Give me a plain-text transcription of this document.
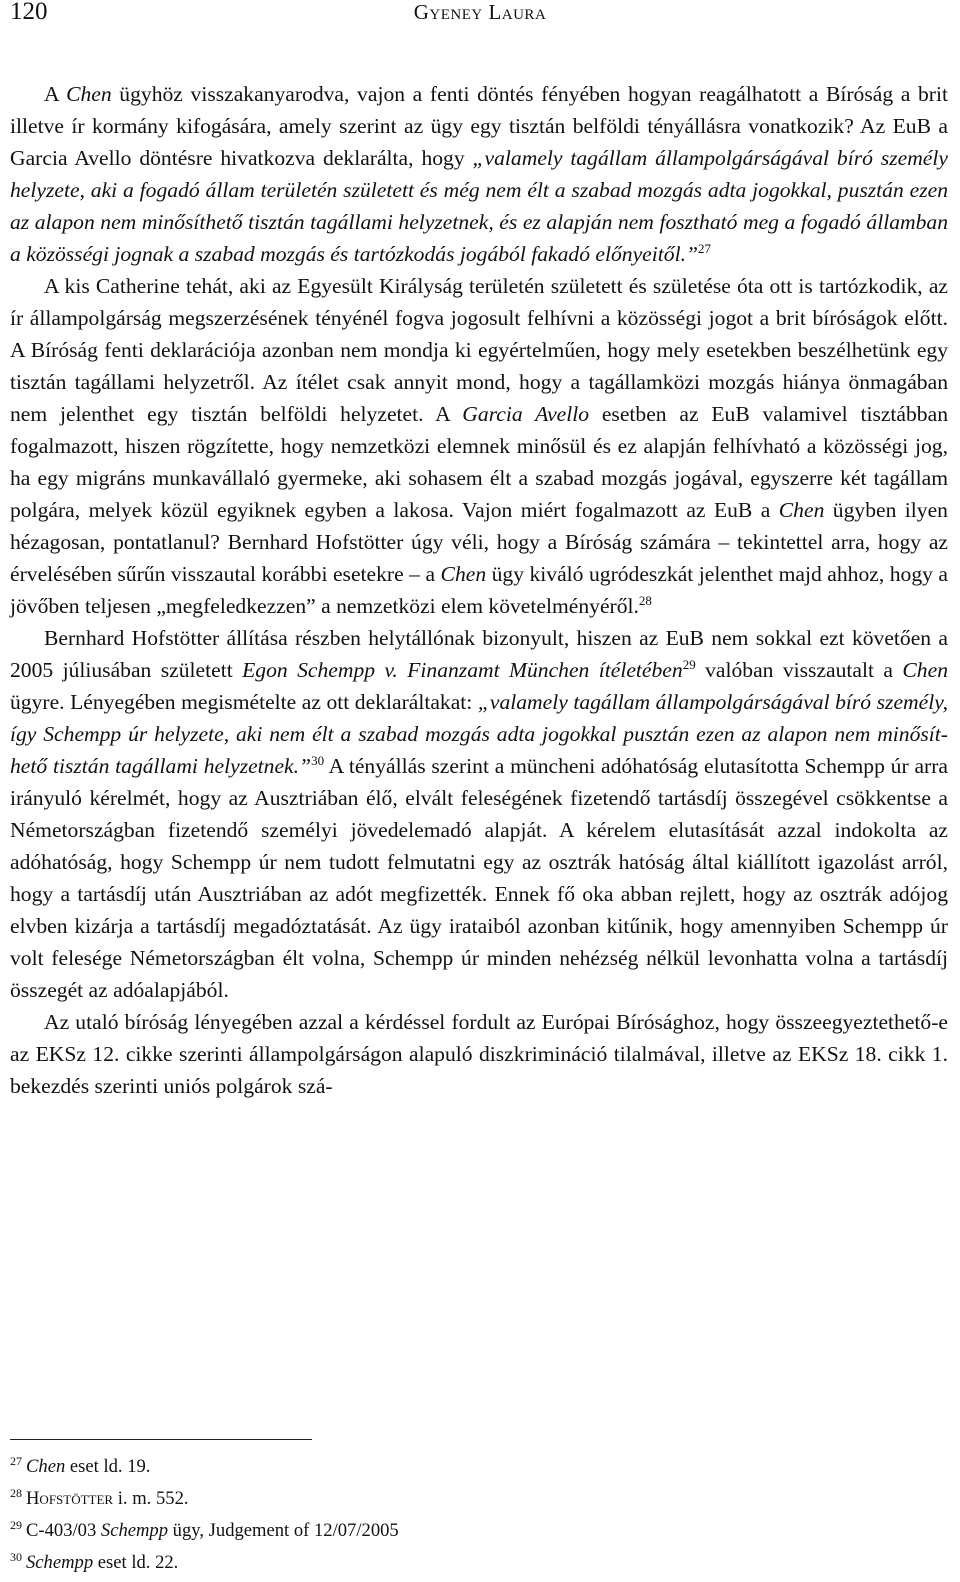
120	Gyeney Laura

A Chen ügyhöz visszakanyarodva, vajon a fenti döntés fényében hogyan reagálhatott a Bíróság a brit illetve ír kormány kifogására, amely szerint az ügy egy tisztán belföldi tényállásra vonatkozik? Az EuB a Garcia Avello döntésre hivatkozva deklarálta, hogy „valamely tagállam állampolgárságával bíró személy helyzete, aki a fogadó állam területén született és még nem élt a szabad mozgás adta jogokkal, pusztán ezen az alapon nem minősíthető tisztán tagállami helyzetnek, és ez alapján nem fosztható meg a fogadó államban a közösségi jognak a szabad mozgás és tartózkodás jogából fakadó előnyeitől.”$^{27}$

A kis Catherine tehát, aki az Egyesült Királyság területén született és születése óta ott is tartózkodik, az ír állampolgárság megszerzésének tényénél fogva jogosult felhívni a közösségi jogot a brit bíróságok előtt. A Bíróság fenti deklarációja azonban nem mondja ki egyértelműen, hogy mely esetekben beszélhetünk egy tisztán tagállami helyzetről. Az ítélet csak annyit mond, hogy a tagállamközi mozgás hiánya önmagában nem jelenthet egy tisztán belföldi helyzetet. A Garcia Avello esetben az EuB valamivel tisztábban fogalmazott, hiszen rögzítette, hogy nemzetközi elemnek minősül és ez alapján felhívható a közösségi jog, ha egy migráns munkavállaló gyermeke, aki sohasem élt a szabad mozgás jogával, egyszerre két tagállam polgára, melyek közül egyiknek egyben a lakosa. Vajon miért fogalmazott az EuB a Chen ügyben ilyen hézagosan, pontatlanul? Bernhard Hofstötter úgy véli, hogy a Bíróság számára – tekintettel arra, hogy az érvelésében sűrűn visszautal korábbi esetekre – a Chen ügy kiváló ugródeszkát jelenthet majd ahhoz, hogy a jövőben teljesen „megfeledkezzen” a nemzetközi elem követelményéről.$^{28}$

Bernhard Hofstötter állítása részben helytállónak bizonyult, hiszen az EuB nem sokkal ezt követően a 2005 júliusában született Egon Schempp v. Finanzamt München ítéletében$^{29}$ valóban visszautalt a Chen ügyre. Lényegében megismételte az ott deklaráltakat: „valamely tagállam állampolgárságával bíró személy, így Schempp úr helyzete, aki nem élt a szabad mozgás adta jogokkal pusztán ezen az alapon nem minősíthető tisztán tagállami helyzetnek.”$^{30}$ A tényállás szerint a müncheni adóhatóság elutasította Schempp úr arra irányuló kérelmét, hogy az Ausztriában élő, elvált feleségének fizetendő tartásdíj összegével csökkentse a Németországban fizetendő személyi jövedelemadó alapját. A kérelem elutasítását azzal indokolta az adóhatóság, hogy Schempp úr nem tudott felmutatni egy az osztrák hatóság által kiállított igazolást arról, hogy a tartásdíj után Ausztriában az adót megfizették. Ennek fő oka abban rejlett, hogy az osztrák adójog elvben kizárja a tartásdíj megadóztatását. Az ügy irataiból azonban kitűnik, hogy amennyiben Schempp úr volt felesége Németországban élt volna, Schempp úr minden nehézség nélkül levonhatta volna a tartásdíj összegét az adóalapjából.

Az utaló bíróság lényegében azzal a kérdéssel fordult az Európai Bírósághoz, hogy összeegyeztethető-e az EKSz 12. cikke szerinti állampolgárságon alapuló diszkrimináció tilalmával, illetve az EKSz 18. cikk 1. bekezdés szerinti uniós polgárok szá-

$^{27}$ Chen eset ld. 19.
$^{28}$ Hofstötter i. m. 552.
$^{29}$ C-403/03 Schempp ügy, Judgement of 12/07/2005
$^{30}$ Schempp eset ld. 22.
